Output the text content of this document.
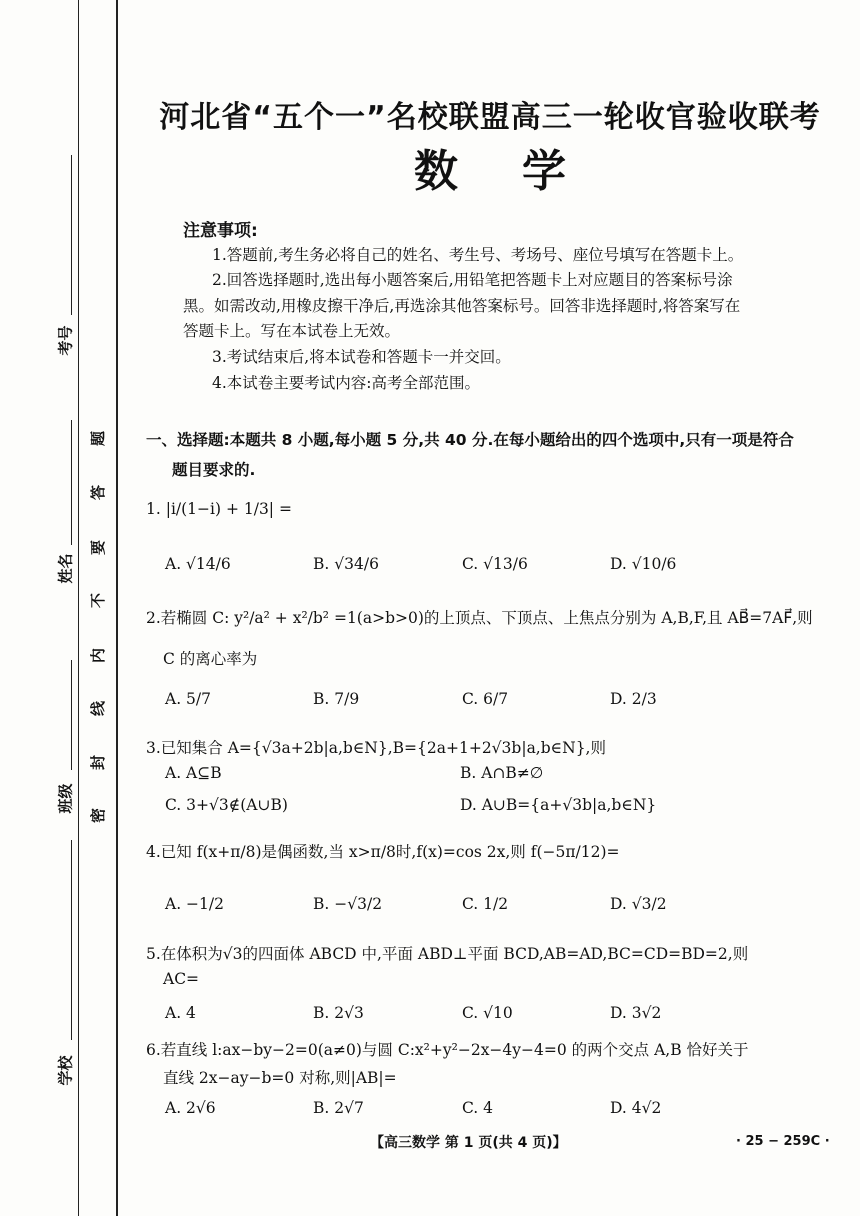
考号
姓名
班级
学校
题
答
要
不
内
线
封
密
河北省“五个一”名校联盟高三一轮收官验收联考
数学
注意事项:
1.答题前,考生务必将自己的姓名、考生号、考场号、座位号填写在答题卡上。
2.回答选择题时,选出每小题答案后,用铅笔把答题卡上对应题目的答案标号涂
黑。如需改动,用橡皮擦干净后,再选涂其他答案标号。回答非选择题时,将答案写在
答题卡上。写在本试卷上无效。
3.考试结束后,将本试卷和答题卡一并交回。
4.本试卷主要考试内容:高考全部范围。
一、选择题:本题共 8 小题,每小题 5 分,共 40 分.在每小题给出的四个选项中,只有一项是符合
题目要求的.
1. |i/(1−i) + 1/3| =
A. √14/6	B. √34/6	C. √13/6	D. √10/6
2.若椭圆 C: y²/a² + x²/b² =1(a>b>0)的上顶点、下顶点、上焦点分别为 A,B,F,且 AB⃗=7AF⃗,则
C 的离心率为
A. 5/7	B. 7/9	C. 6/7	D. 2/3
3.已知集合 A={√3a+2b|a,b∈N},B={2a+1+2√3b|a,b∈N},则
A. A⊆B	B. A∩B≠∅
C. 3+√3∉(A∪B)	D. A∪B={a+√3b|a,b∈N}
4.已知 f(x+π/8)是偶函数,当 x>π/8时,f(x)=cos 2x,则 f(−5π/12)=
A. −1/2	B. −√3/2	C. 1/2	D. √3/2
5.在体积为√3的四面体 ABCD 中,平面 ABD⊥平面 BCD,AB=AD,BC=CD=BD=2,则
AC=
A. 4	B. 2√3	C. √10	D. 3√2
6.若直线 l:ax−by−2=0(a≠0)与圆 C:x²+y²−2x−4y−4=0 的两个交点 A,B 恰好关于
直线 2x−ay−b=0 对称,则|AB|=
A. 2√6	B. 2√7	C. 4	D. 4√2
【高三数学 第 1 页(共 4 页)】	· 25 − 259C ·
